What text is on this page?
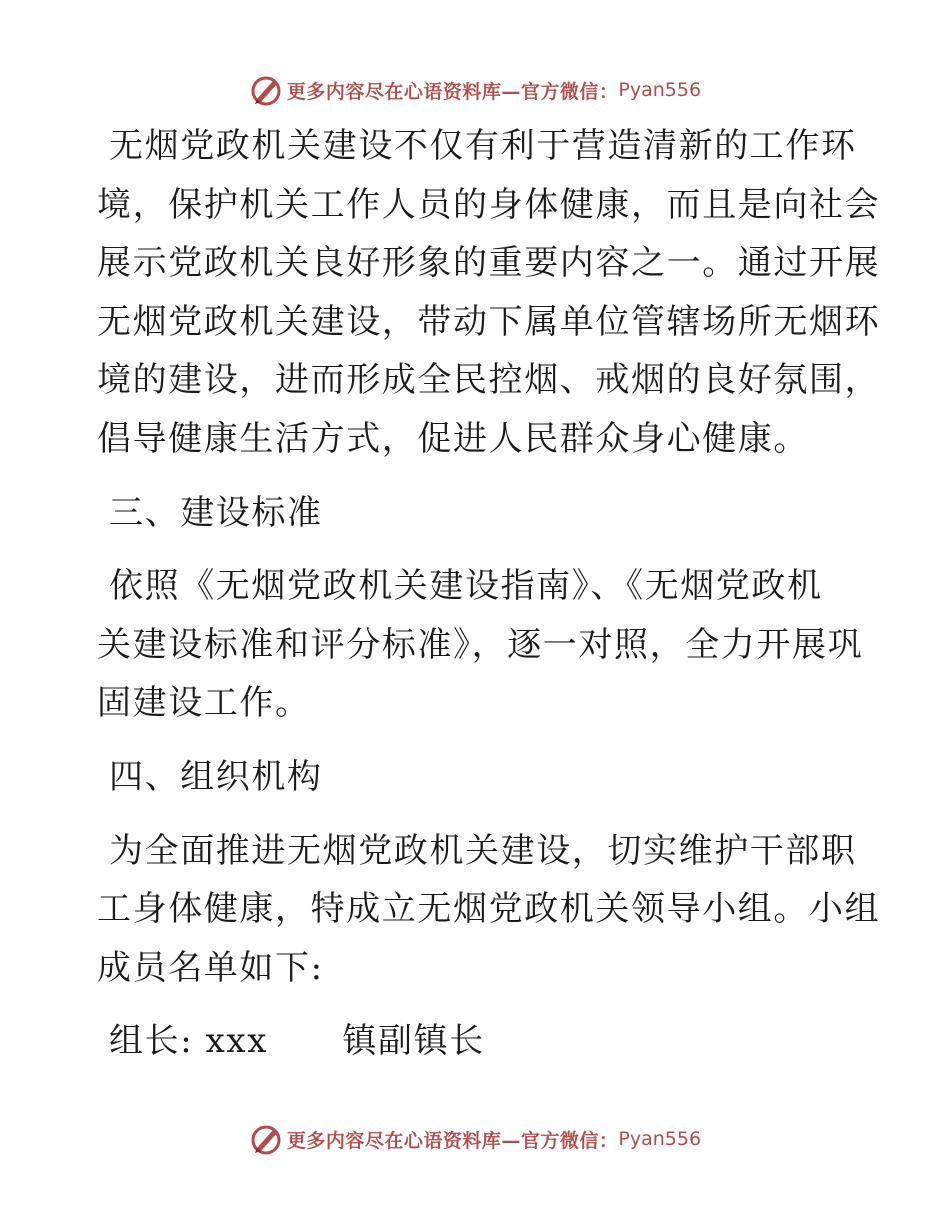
更多内容尽在心语资料库—官方微信： Pyan556

无烟党政机关建设不仅有利于营造清新的工作环
境，保护机关工作人员的身体健康，而且是向社会
展示党政机关良好形象的重要内容之一。通过开展
无烟党政机关建设，带动下属单位管辖场所无烟环
境的建设，进而形成全民控烟、戒烟的良好氛围，
倡导健康生活方式，促进人民群众身心健康。

三、建设标准

依照《无烟党政机关建设指南》、《无烟党政机
关建设标准和评分标准》，逐一对照，全力开展巩
固建设工作。

四、组织机构

为全面推进无烟党政机关建设，切实维护干部职
工身体健康，特成立无烟党政机关领导小组。小组
成员名单如下:

组长: xxx      镇副镇长

更多内容尽在心语资料库—官方微信： Pyan556
